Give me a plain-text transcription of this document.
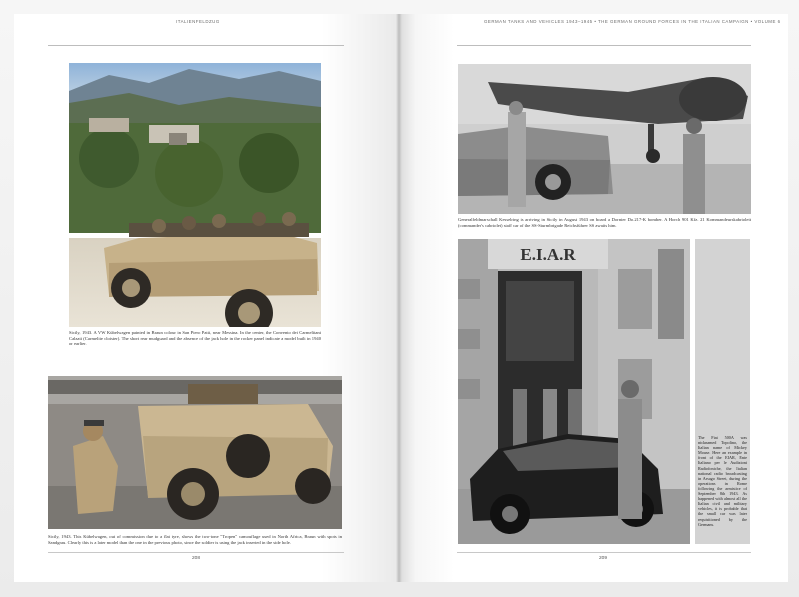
ITALIENFELDZUG
Sicily, 1943. A VW Kübelwagen painted in Braun colour in San Piero Patti, near Messina. In the center, the Convento dei Carmelitani Calzati (Carmelite cloister). The short rear mudguard and the absence of the jack hole in the rocker panel indicate a model built in 1940 or earlier.
Sicily, 1943. This Kübelwagen, out of commission due to a flat tyre, shows the two-tone "Tropen" camouflage used in North Africa, Braun with spots in Sandgrau. Clearly this is a later model than the one in the previous photo, since the soldier is using the jack inserted in the side hole.
208
GERMAN TANKS AND VEHICLES 1943–1945 • THE GERMAN GROUND FORCES IN THE ITALIAN CAMPAIGN • VOLUME 6
Generalfeldmarschall Kesselring is arriving in Sicily in August 1943 on board a Dornier Do.217-K bomber. A Horch 901 Kfz. 21 Kommandeurskabriolett (commander's cabriolet) staff car of the SS-Sturmbrigade Reichsführer SS awaits him.
E.I.A.R
The Fiat 500A was nicknamed Topolino, the Italian name of Mickey Mouse. Here an example in front of the EIAR, Ente Italiano per le Audizioni Radiofoniche, the Italian national radio broadcasting in Arsago Street, during the operations in Rome following the armistice of September 8th 1943. As happened with almost all the Italian civil and military vehicles, it is probable that the small car was later requisitioned by the Germans.
209
